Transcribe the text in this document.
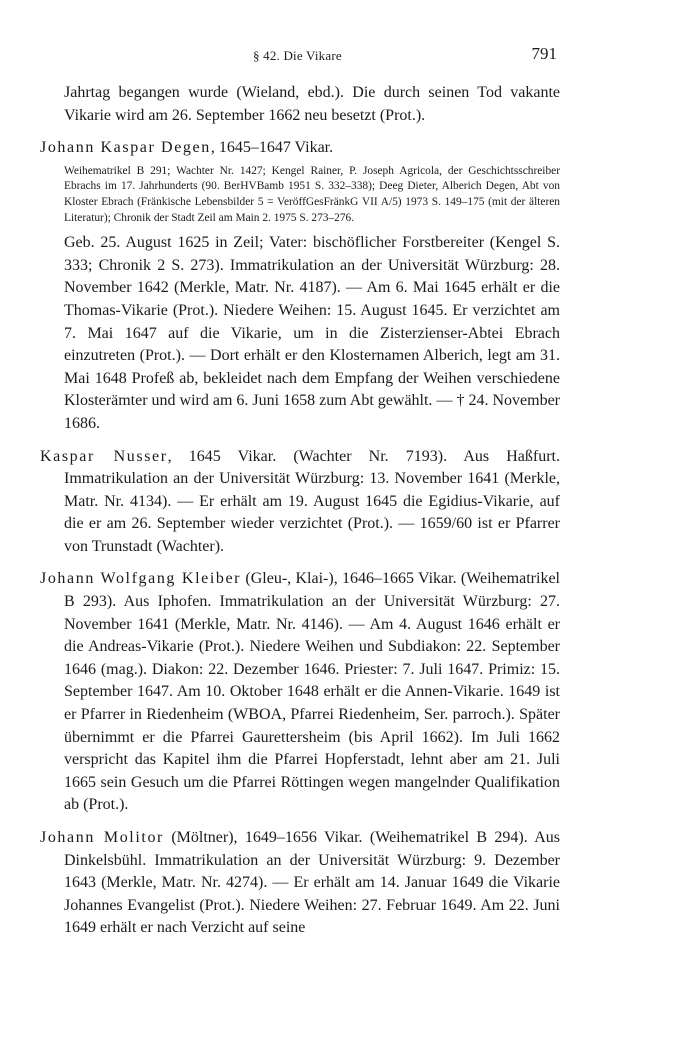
§ 42. Die Vikare	791

Jahrtag begangen wurde (Wieland, ebd.). Die durch seinen Tod vakante Vikarie wird am 26. September 1662 neu besetzt (Prot.).

Johann Kaspar Degen, 1645–1647 Vikar.
Weihematrikel B 291; Wachter Nr. 1427; Kengel Rainer, P. Joseph Agricola, der Geschichtsschreiber Ebrachs im 17. Jahrhunderts (90. BerHVBamb 1951 S. 332–338); Deeg Dieter, Alberich Degen, Abt von Kloster Ebrach (Fränkische Lebensbilder 5 = VeröffGesFränkG VII A/5) 1973 S. 149–175 (mit der älteren Literatur); Chronik der Stadt Zeil am Main 2. 1975 S. 273–276.
Geb. 25. August 1625 in Zeil; Vater: bischöflicher Forstbereiter (Kengel S. 333; Chronik 2 S. 273). Immatrikulation an der Universität Würzburg: 28. November 1642 (Merkle, Matr. Nr. 4187). — Am 6. Mai 1645 erhält er die Thomas-Vikarie (Prot.). Niedere Weihen: 15. August 1645. Er verzichtet am 7. Mai 1647 auf die Vikarie, um in die Zisterzienser-Abtei Ebrach einzutreten (Prot.). — Dort erhält er den Klosternamen Alberich, legt am 31. Mai 1648 Profeß ab, bekleidet nach dem Empfang der Weihen verschiedene Klosterämter und wird am 6. Juni 1658 zum Abt gewählt. — † 24. November 1686.
Kaspar Nusser, 1645 Vikar. (Wachter Nr. 7193). Aus Haßfurt. Immatrikulation an der Universität Würzburg: 13. November 1641 (Merkle, Matr. Nr. 4134). — Er erhält am 19. August 1645 die Egidius-Vikarie, auf die er am 26. September wieder verzichtet (Prot.). — 1659/60 ist er Pfarrer von Trunstadt (Wachter).
Johann Wolfgang Kleiber (Gleu-, Klai-), 1646–1665 Vikar. (Weihematrikel B 293). Aus Iphofen. Immatrikulation an der Universität Würzburg: 27. November 1641 (Merkle, Matr. Nr. 4146). — Am 4. August 1646 erhält er die Andreas-Vikarie (Prot.). Niedere Weihen und Subdiakon: 22. September 1646 (mag.). Diakon: 22. Dezember 1646. Priester: 7. Juli 1647. Primiz: 15. September 1647. Am 10. Oktober 1648 erhält er die Annen-Vikarie. 1649 ist er Pfarrer in Riedenheim (WBOA, Pfarrei Riedenheim, Ser. parroch.). Später übernimmt er die Pfarrei Gaurettersheim (bis April 1662). Im Juli 1662 verspricht das Kapitel ihm die Pfarrei Hopferstadt, lehnt aber am 21. Juli 1665 sein Gesuch um die Pfarrei Röttingen wegen mangelnder Qualifikation ab (Prot.).
Johann Molitor (Möltner), 1649–1656 Vikar. (Weihematrikel B 294). Aus Dinkelsbühl. Immatrikulation an der Universität Würzburg: 9. Dezember 1643 (Merkle, Matr. Nr. 4274). — Er erhält am 14. Januar 1649 die Vikarie Johannes Evangelist (Prot.). Niedere Weihen: 27. Februar 1649. Am 22. Juni 1649 erhält er nach Verzicht auf seine
